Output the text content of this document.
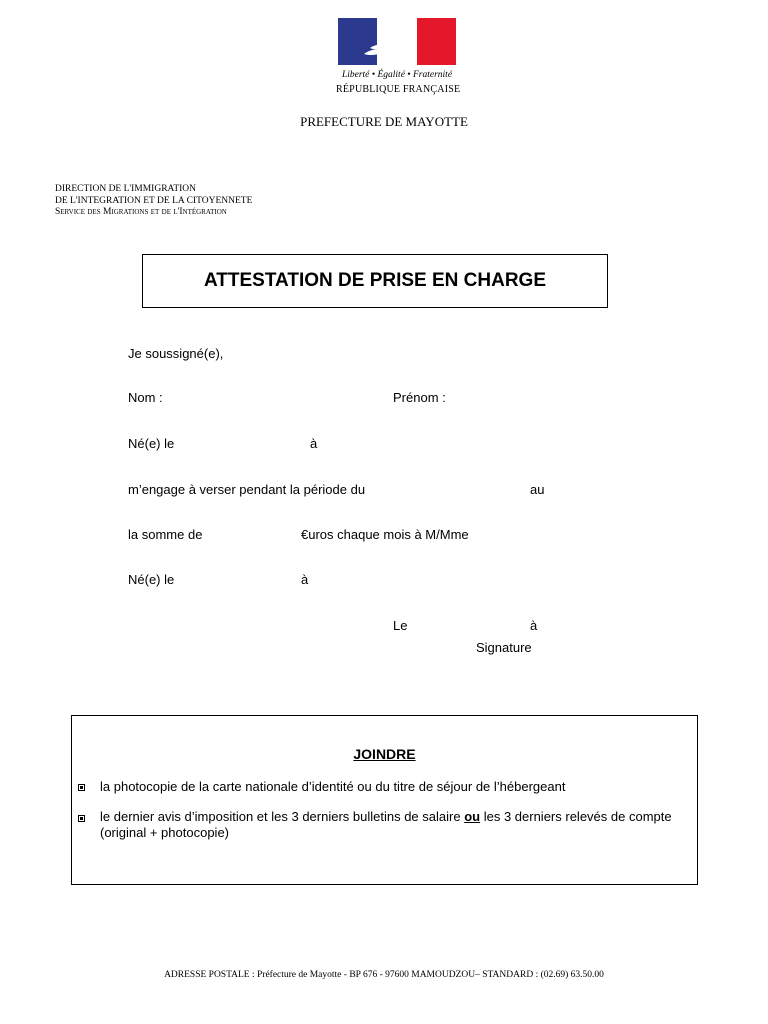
Liberté • Égalité • Fraternité
RÉPUBLIQUE FRANÇAISE
PREFECTURE DE MAYOTTE
DIRECTION DE L'IMMIGRATION
DE L'INTEGRATION ET DE LA CITOYENNETE
Service des Migrations et de l'Intégration
ATTESTATION DE PRISE EN CHARGE
Je soussigné(e),
Nom :	Prénom :
Né(e) le	à
m’engage à verser pendant la période du	au
la somme de	€uros chaque mois à M/Mme
Né(e) le	à
Le	à
Signature
JOINDRE
la photocopie de la carte nationale d’identité ou du titre de séjour de l’hébergeant
le dernier avis d’imposition et les 3 derniers bulletins de salaire ou les 3 derniers relevés de compte (original + photocopie)
ADRESSE POSTALE : Préfecture de Mayotte - BP 676 - 97600 MAMOUDZOU– STANDARD : (02.69) 63.50.00
